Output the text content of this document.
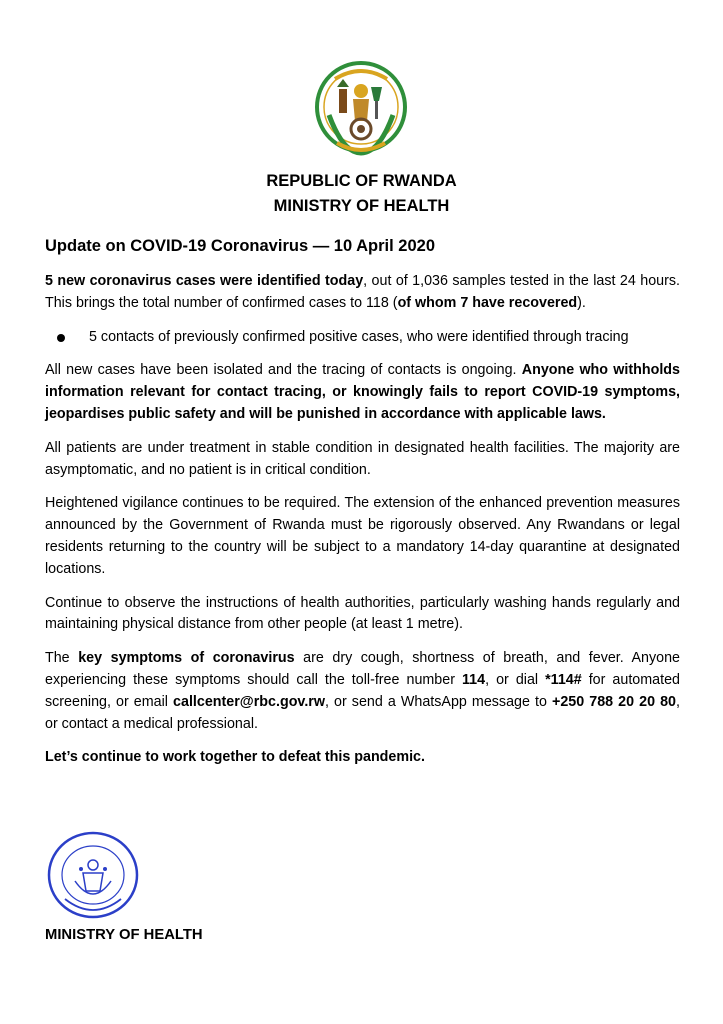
REPUBLIC OF RWANDA
MINISTRY OF HEALTH
Update on COVID-19 Coronavirus — 10 April 2020

5 new coronavirus cases were identified today, out of 1,036 samples tested in the last 24 hours. This brings the total number of confirmed cases to 118 (of whom 7 have recovered).

5 contacts of previously confirmed positive cases, who were identified through tracing

All new cases have been isolated and the tracing of contacts is ongoing. Anyone who withholds information relevant for contact tracing, or knowingly fails to report COVID-19 symptoms, jeopardises public safety and will be punished in accordance with applicable laws.

All patients are under treatment in stable condition in designated health facilities. The majority are asymptomatic, and no patient is in critical condition.

Heightened vigilance continues to be required. The extension of the enhanced prevention measures announced by the Government of Rwanda must be rigorously observed. Any Rwandans or legal residents returning to the country will be subject to a mandatory 14-day quarantine at designated locations.

Continue to observe the instructions of health authorities, particularly washing hands regularly and maintaining physical distance from other people (at least 1 metre).

The key symptoms of coronavirus are dry cough, shortness of breath, and fever. Anyone experiencing these symptoms should call the toll-free number 114, or dial *114# for automated screening, or email callcenter@rbc.gov.rw, or send a WhatsApp message to +250 788 20 20 80, or contact a medical professional.

Let’s continue to work together to defeat this pandemic.

MINISTRY OF HEALTH
